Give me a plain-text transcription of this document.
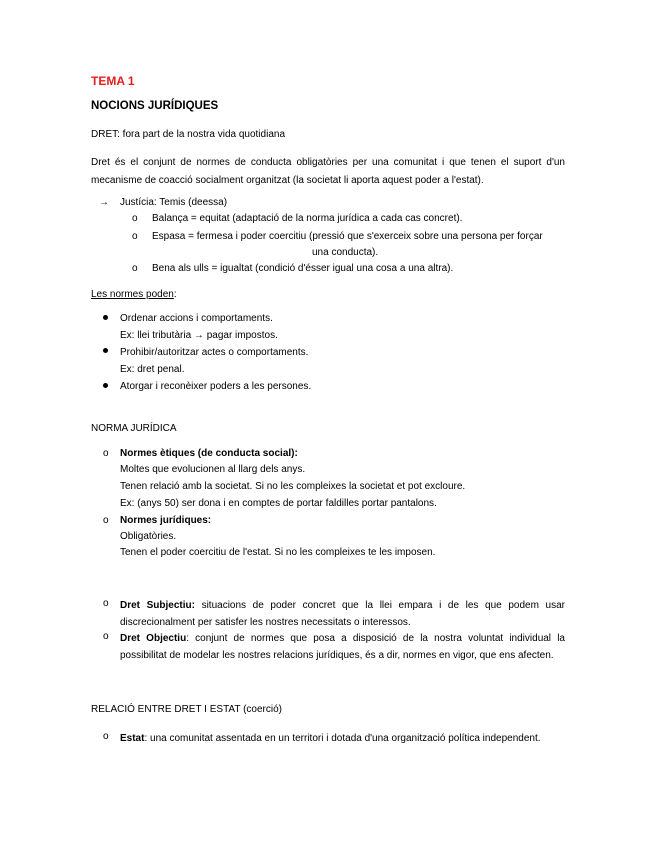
TEMA 1
NOCIONS JURÍDIQUES
DRET: fora part de la nostra vida quotidiana
Dret és el conjunt de normes de conducta obligatòries per una comunitat i que tenen el suport d'un mecanisme de coacció socialment organitzat (la societat li aporta aquest poder a l'estat).
→ Justícia: Temis (deessa)
o Balança = equitat (adaptació de la norma jurídica a cada cas concret).
o Espasa = fermesa i poder coercitiu (pressió que s'exerceix sobre una persona per forçar
una conducta).
o Bena als ulls = igualtat (condició d'ésser igual una cosa a una altra).
Les normes poden:
Ordenar accions i comportaments.
Ex: llei tributària → pagar impostos.
Prohibir/autoritzar actes o comportaments.
Ex: dret penal.
Atorgar i reconèixer poders a les persones.
NORMA JURÍDICA
o Normes ètiques (de conducta social):
Moltes que evolucionen al llarg dels anys.
Tenen relació amb la societat. Si no les compleixes la societat et pot excloure.
Ex: (anys 50) ser dona i en comptes de portar faldilles portar pantalons.
o Normes jurídiques:
Obligatòries.
Tenen el poder coercitiu de l'estat. Si no les compleixes te les imposen.
o Dret Subjectiu: situacions de poder concret que la llei empara i de les que podem usar discrecionalment per satisfer les nostres necessitats o interessos.
o Dret Objectiu: conjunt de normes que posa a disposició de la nostra voluntat individual la possibilitat de modelar les nostres relacions jurídiques, és a dir, normes en vigor, que ens afecten.
RELACIÓ ENTRE DRET I ESTAT (coerció)
o Estat: una comunitat assentada en un territori i dotada d'una organització política independent.
